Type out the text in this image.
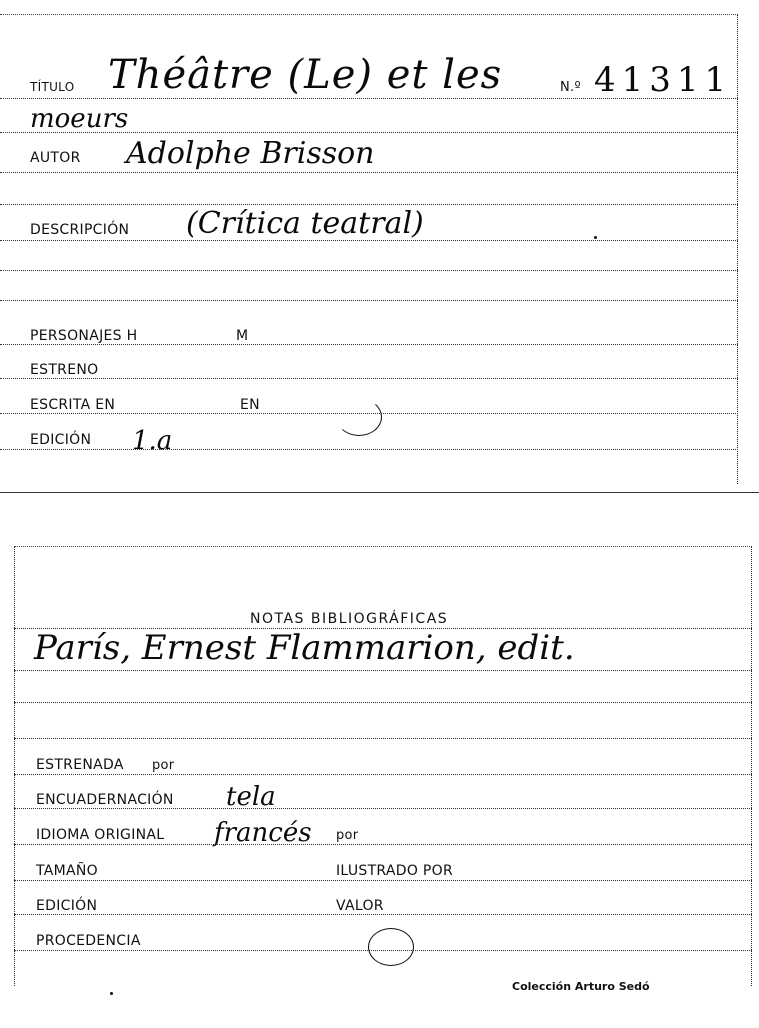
TÍTULO Théâtre (Le) et les
moeurs
N.º 41311
AUTOR Adolphe Brisson
DESCRIPCIÓN (Crítica teatral)
PERSONAJES H	M
ESTRENO
ESCRITA EN	EN
EDICIÓN 1.a
NOTAS BIBLIOGRÁFICAS
París, Ernest Flammarion, edit.
ESTRENADA por
ENCUADERNACIÓN tela
IDIOMA ORIGINAL francés por
TAMAÑO	ILUSTRADO POR
EDICIÓN	VALOR
PROCEDENCIA
Colección Arturo Sedó
